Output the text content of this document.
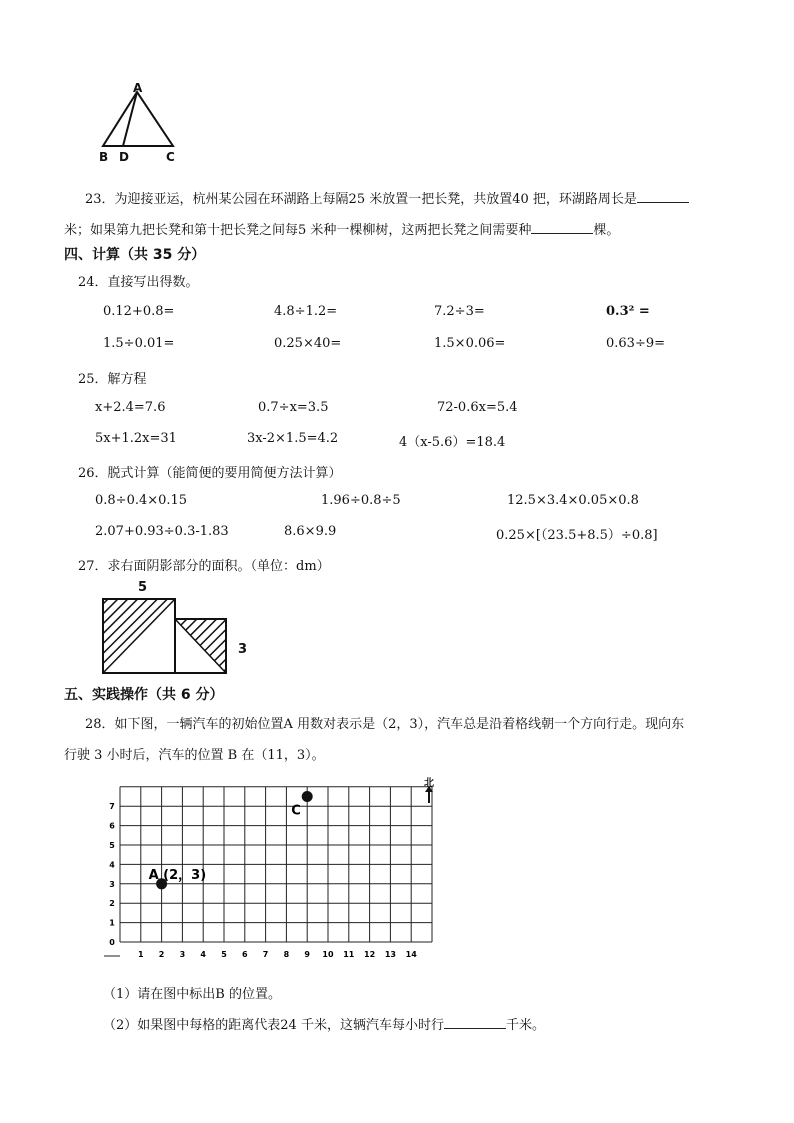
A
B D	C
23．为迎接亚运，杭州某公园在环湖路上每隔25 米放置一把长凳，共放置40 把，环湖路周长是
米；如果第九把长凳和第十把长凳之间每5 米种一棵柳树，这两把长凳之间需要种	棵。
四、计算（共 35 分）
24．直接写出得数。
0.12+0.8=	4.8÷1.2=	7.2÷3=	0.3² =
1.5÷0.01=	0.25×40=	1.5×0.06=	0.63÷9=
25．解方程
x+2.4=7.6	0.7÷x=3.5	72-0.6x=5.4
5x+1.2x=31	3x-2×1.5=4.2	4（x-5.6）=18.4
26．脱式计算（能简便的要用简便方法计算）
0.8÷0.4×0.15	1.96÷0.8÷5	12.5×3.4×0.05×0.8
2.07+0.93÷0.3-1.83	8.6×9.9	0.25×[（23.5+8.5）÷0.8]
27．求右面阴影部分的面积。（单位：dm）
5
3
五、实践操作（共 6 分）
28．如下图，一辆汽车的初始位置A 用数对表示是（2，3），汽车总是沿着格线朝一个方向行走。现向东
行驶 3 小时后，汽车的位置 B 在（11，3）。
1 2 3 4 5 6 7 8 9 10 11 12 13 14
0
1
2
3
4
5
6
7
A (2，3)
C
北
（1）请在图中标出B 的位置。
（2）如果图中每格的距离代表24 千米，这辆汽车每小时行	千米。
